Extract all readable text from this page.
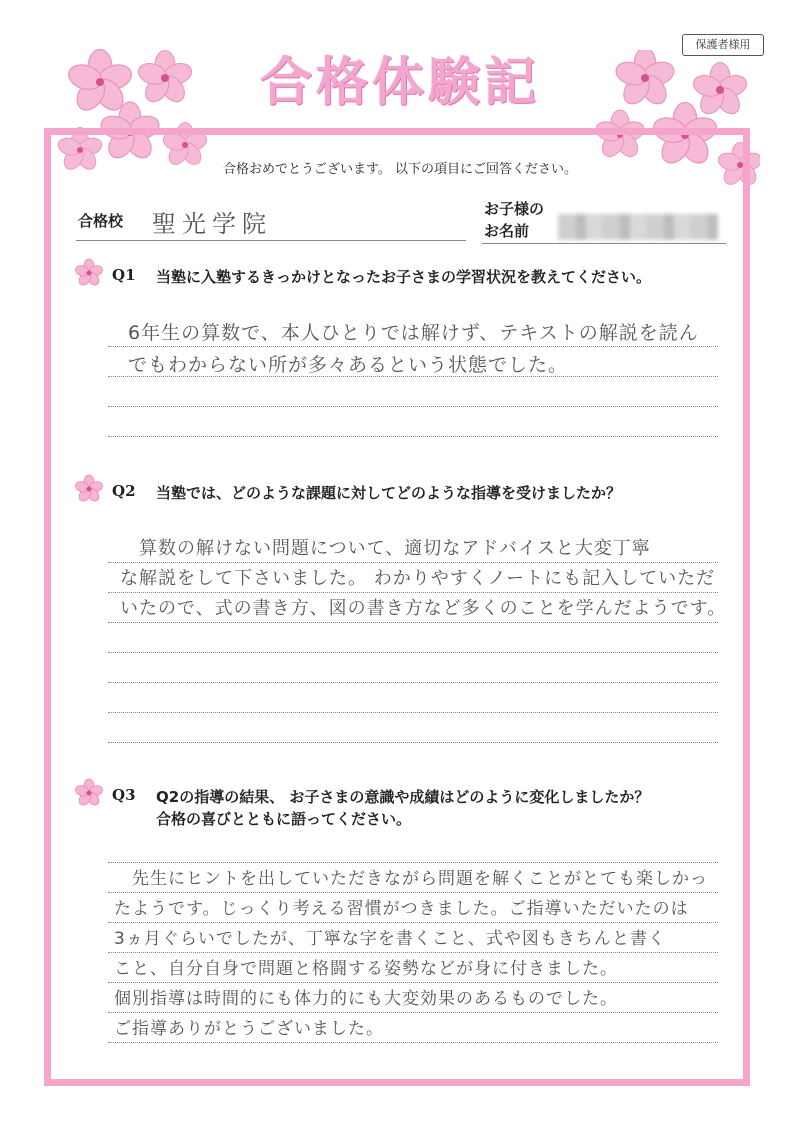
保護者様用
合格体験記
合格おめでとうございます。 以下の項目にご回答ください。
合格校 聖光学院
お子様の
お名前
Q1 当塾に入塾するきっかけとなったお子さまの学習状況を教えてください。
6年生の算数で、本人ひとりでは解けず、テキストの解説を読ん
でもわからない所が多々あるという状態でした。
Q2 当塾では、どのような課題に対してどのような指導を受けましたか？
　算数の解けない問題について、適切なアドバイスと大変丁寧
な解説をして下さいました。 わかりやすくノートにも記入していただ
いたので、式の書き方、図の書き方など多くのことを学んだようです。
Q3 Q2の指導の結果、 お子さまの意識や成績はどのように変化しましたか？
合格の喜びとともに語ってください。
　先生にヒントを出していただきながら問題を解くことがとても楽しかっ
たようです。じっくり考える習慣がつきました。ご指導いただいたのは
3ヵ月ぐらいでしたが、丁寧な字を書くこと、式や図もきちんと書く
こと、自分自身で問題と格闘する姿勢などが身に付きました。
個別指導は時間的にも体力的にも大変効果のあるものでした。
ご指導ありがとうございました。
